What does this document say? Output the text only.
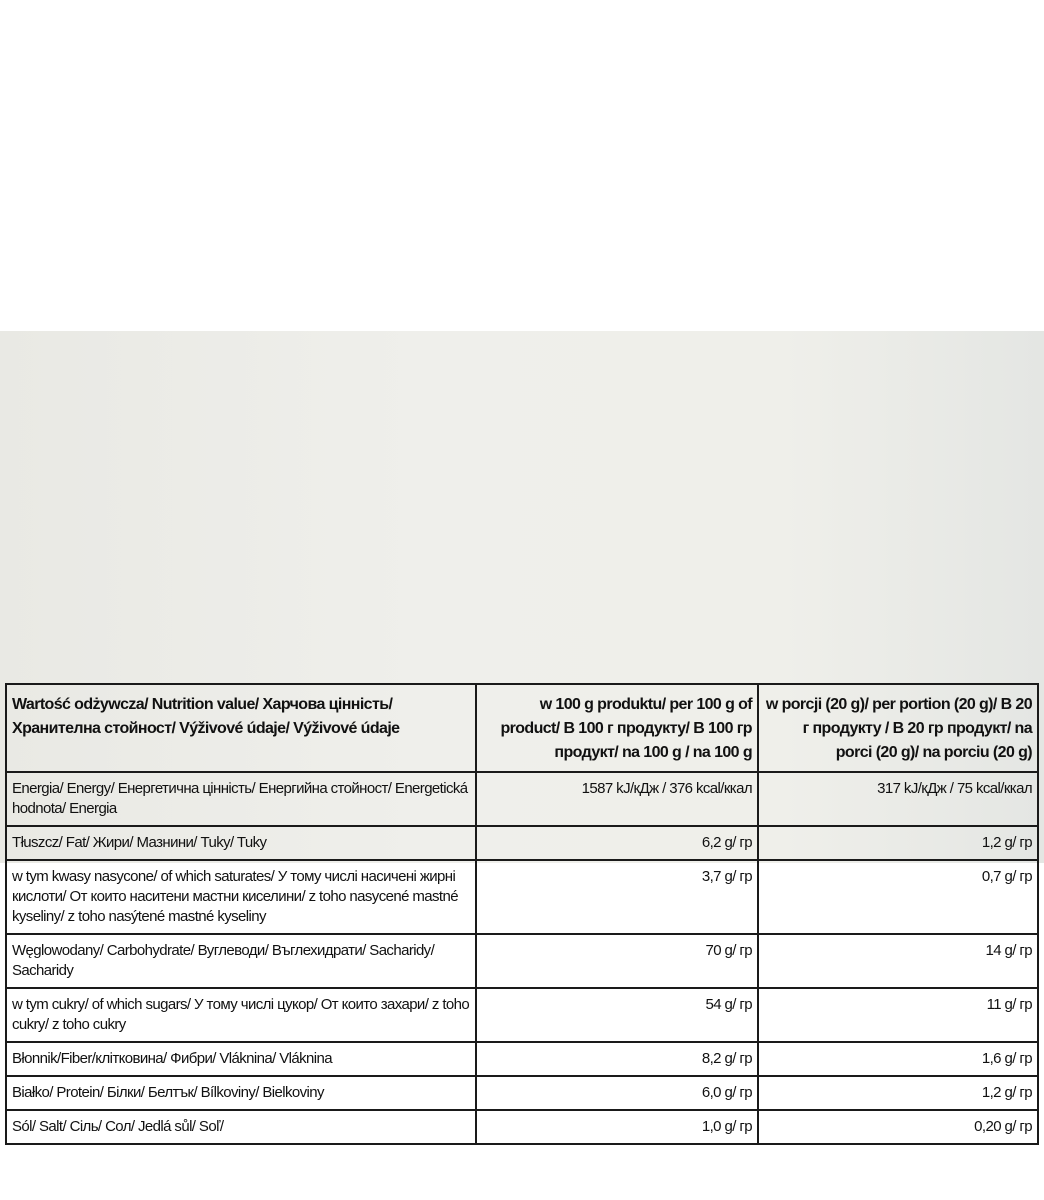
Wartość odżywcza/ Nutrition value/ Харчова цінність/ Хранителна стойност/ Výživové údaje/ Výživové údaje	w 100 g produktu/ per 100 g of product/ В 100 г продукту/ В 100 гр продукт/ na 100 g / na 100 g	w porcji (20 g)/ per portion (20 g)/ В 20 г продукту / В 20 гр продукт/ na porci (20 g)/ na porciu (20 g)
Energia/ Energy/ Енергетична цінність/ Енергийна стойност/ Energetická hodnota/ Energia	1587 kJ/кДж / 376 kcal/ккал	317 kJ/кДж / 75 kcal/ккал
Tłuszcz/ Fat/ Жири/ Мазнини/ Tuky/ Tuky	6,2 g/ гр	1,2 g/ гр
w tym kwasy nasycone/ of which saturates/ У тому числі насичені жирні кислоти/ От които наситени мастни киселини/ z toho nasycené mastné kyseliny/ z toho nasýtené mastné kyseliny	3,7 g/ гр	0,7 g/ гр
Węglowodany/ Carbohydrate/ Вуглеводи/ Въглехидрати/ Sacharidy/ Sacharidy	70 g/ гр	14 g/ гр
w tym cukry/ of which sugars/ У тому числі цукор/ От които захари/ z toho cukry/ z toho cukry	54 g/ гр	11 g/ гр
Błonnik/Fiber/клітковина/ Фибри/ Vláknina/ Vláknina	8,2 g/ гр	1,6 g/ гр
Białko/ Protein/ Білки/ Белтък/ Bílkoviny/ Bielkoviny	6,0 g/ гр	1,2 g/ гр
Sól/ Salt/ Сіль/ Сол/ Jedlá sůl/ Soľ/	1,0 g/ гр	0,20 g/ гр
